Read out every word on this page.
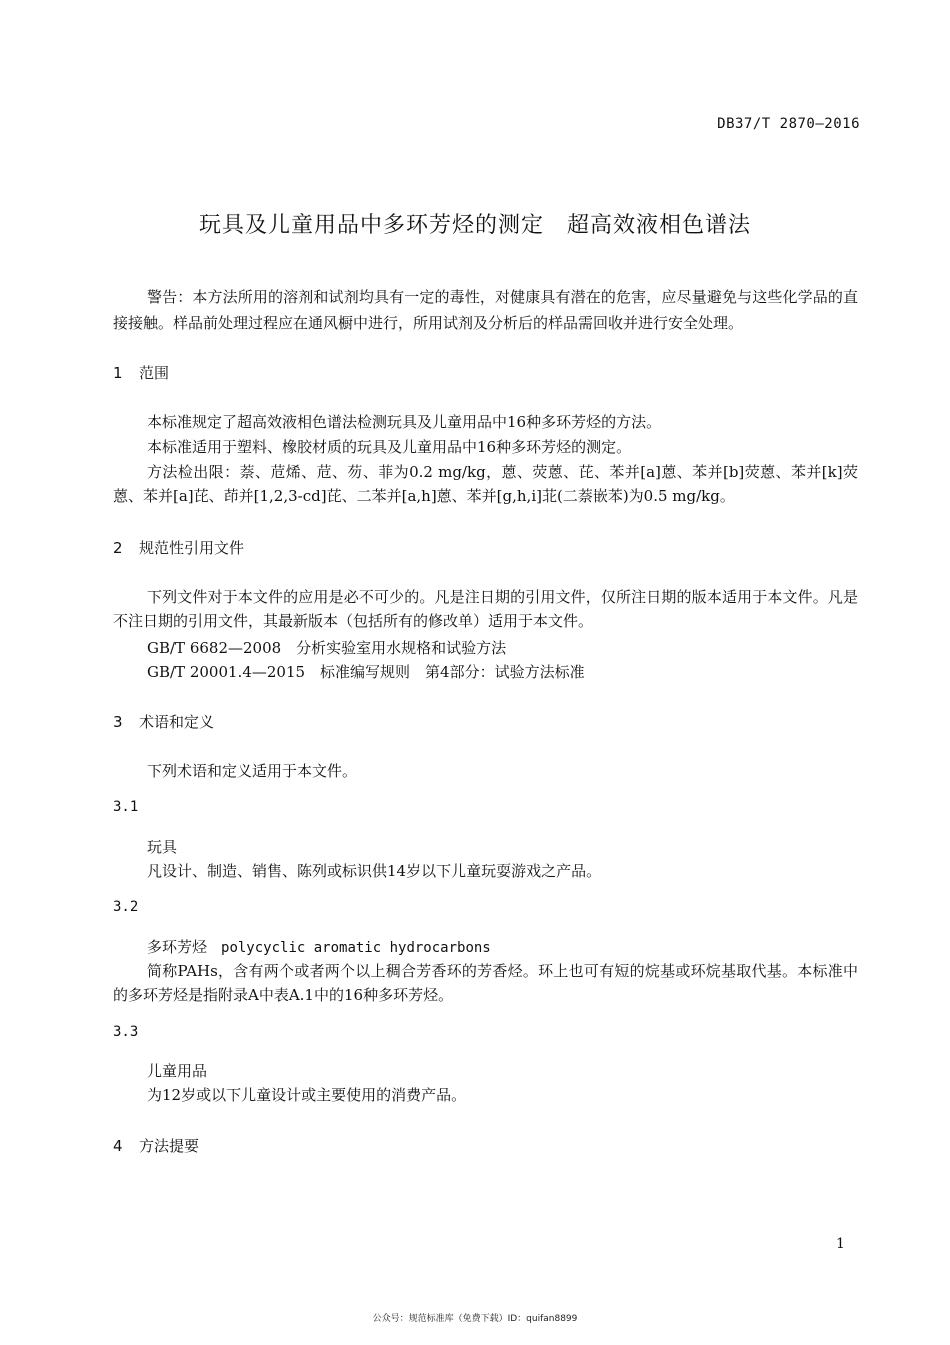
DB37/T 2870—2016
玩具及儿童用品中多环芳烃的测定　超高效液相色谱法
警告：本方法所用的溶剂和试剂均具有一定的毒性，对健康具有潜在的危害，应尽量避免与这些化学品的直接接触。样品前处理过程应在通风橱中进行，所用试剂及分析后的样品需回收并进行安全处理。
1 范围
本标准规定了超高效液相色谱法检测玩具及儿童用品中16种多环芳烃的方法。
本标准适用于塑料、橡胶材质的玩具及儿童用品中16种多环芳烃的测定。
方法检出限：萘、苊烯、苊、芴、菲为0.2 mg/kg，蒽、荧蒽、芘、苯并[a]蒽、苯并[b]荧蒽、苯并[k]荧蒽、苯并[a]芘、茚并[1,2,3-cd]芘、二苯并[a,h]蒽、苯并[g,h,i]苝(二萘嵌苯)为0.5 mg/kg。
2 规范性引用文件
下列文件对于本文件的应用是必不可少的。凡是注日期的引用文件，仅所注日期的版本适用于本文件。凡是不注日期的引用文件，其最新版本（包括所有的修改单）适用于本文件。
GB/T 6682—2008　分析实验室用水规格和试验方法
GB/T 20001.4—2015　标准编写规则　第4部分：试验方法标准
3 术语和定义
下列术语和定义适用于本文件。
3.1
玩具
凡设计、制造、销售、陈列或标识供14岁以下儿童玩耍游戏之产品。
3.2
多环芳烃 polycyclic aromatic hydrocarbons
简称PAHs，含有两个或者两个以上稠合芳香环的芳香烃。环上也可有短的烷基或环烷基取代基。本标准中的多环芳烃是指附录A中表A.1中的16种多环芳烃。
3.3
儿童用品
为12岁或以下儿童设计或主要使用的消费产品。
4 方法提要
1
公众号：规范标准库（免费下载）ID：quifan8899
